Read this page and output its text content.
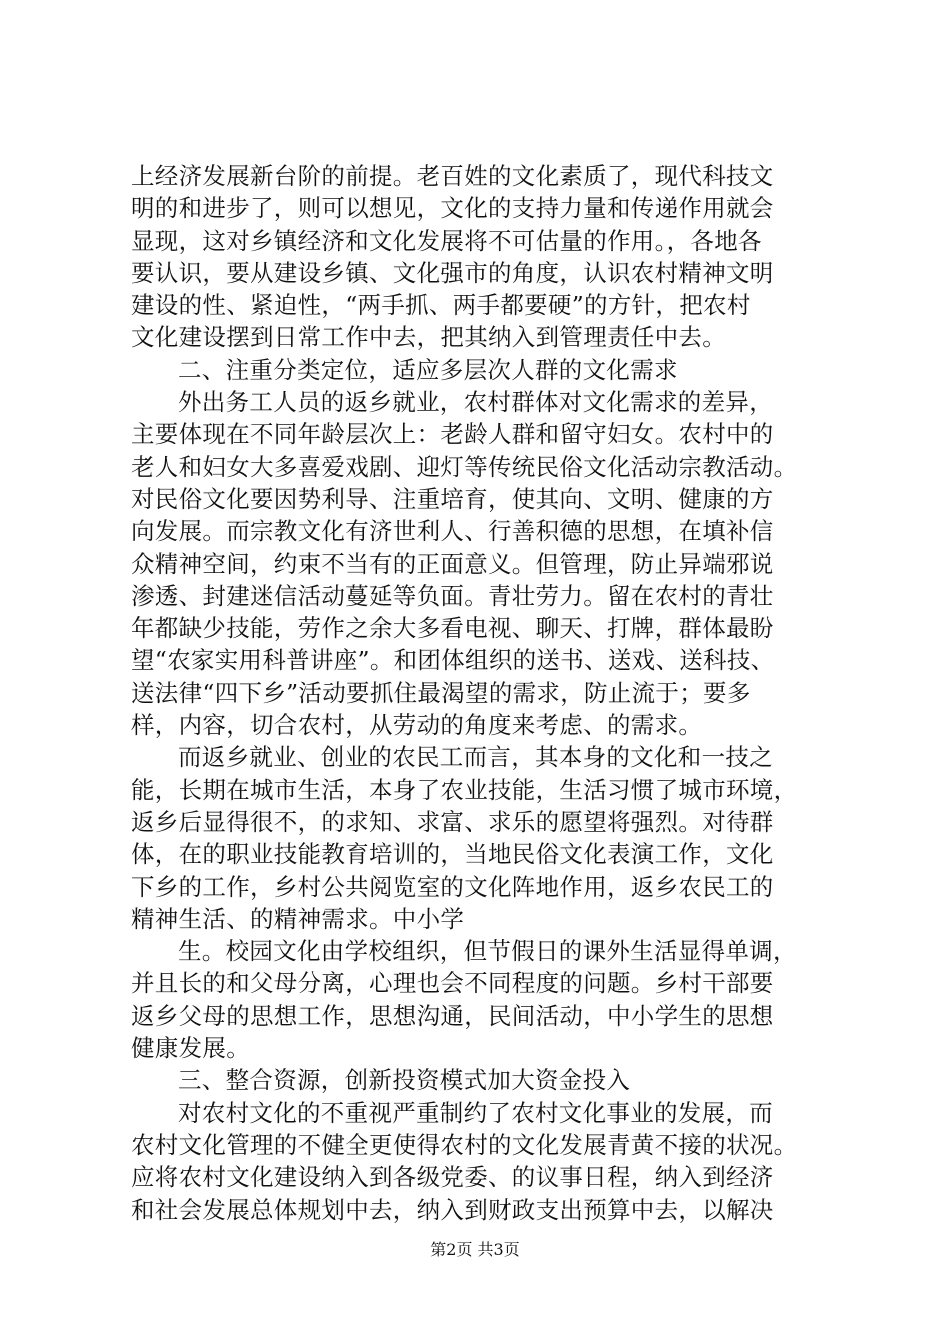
上经济发展新台阶的前提。老百姓的文化素质了，现代科技文
明的和进步了，则可以想见，文化的支持力量和传递作用就会
显现，这对乡镇经济和文化发展将不可估量的作用。，各地各
要认识，要从建设乡镇、文化强市的角度，认识农村精神文明
建设的性、紧迫性，“两手抓、两手都要硬”的方针，把农村
文化建设摆到日常工作中去，把其纳入到管理责任中去。
二、注重分类定位，适应多层次人群的文化需求
外出务工人员的返乡就业，农村群体对文化需求的差异，
主要体现在不同年龄层次上：老龄人群和留守妇女。农村中的
老人和妇女大多喜爱戏剧、迎灯等传统民俗文化活动宗教活动。
对民俗文化要因势利导、注重培育，使其向、文明、健康的方
向发展。而宗教文化有济世利人、行善积德的思想，在填补信
众精神空间，约束不当有的正面意义。但管理，防止异端邪说
渗透、封建迷信活动蔓延等负面。青壮劳力。留在农村的青壮
年都缺少技能，劳作之余大多看电视、聊天、打牌，群体最盼
望“农家实用科普讲座”。和团体组织的送书、送戏、送科技、
送法律“四下乡”活动要抓住最渴望的需求，防止流于；要多
样，内容，切合农村，从劳动的角度来考虑、的需求。
而返乡就业、创业的农民工而言，其本身的文化和一技之
能，长期在城市生活，本身了农业技能，生活习惯了城市环境，
返乡后显得很不，的求知、求富、求乐的愿望将强烈。对待群
体，在的职业技能教育培训的，当地民俗文化表演工作，文化
下乡的工作，乡村公共阅览室的文化阵地作用，返乡农民工的
精神生活、的精神需求。中小学
生。校园文化由学校组织，但节假日的课外生活显得单调，
并且长的和父母分离，心理也会不同程度的问题。乡村干部要
返乡父母的思想工作，思想沟通，民间活动，中小学生的思想
健康发展。
三、整合资源，创新投资模式加大资金投入
对农村文化的不重视严重制约了农村文化事业的发展，而
农村文化管理的不健全更使得农村的文化发展青黄不接的状况。
应将农村文化建设纳入到各级党委、的议事日程，纳入到经济
和社会发展总体规划中去，纳入到财政支出预算中去，以解决
第2页 共3页
